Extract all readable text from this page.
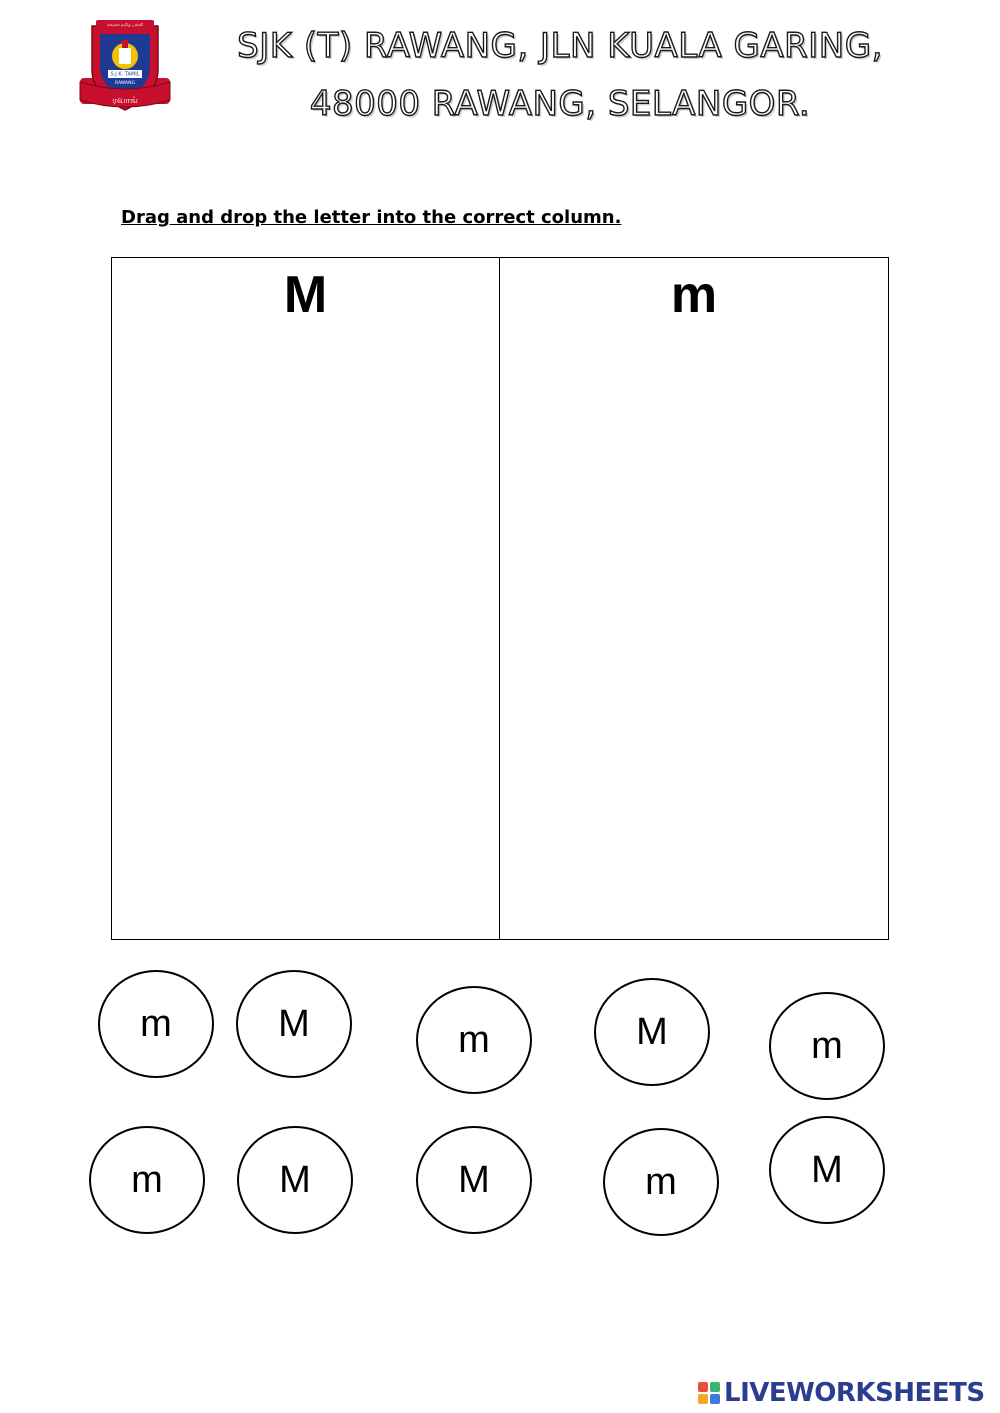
S.J.K. TAMIL
RAWANG
எங்கள் தமிழ் பள்ளி
ரவாங்
SJK (T) RAWANG, JLN KUALA GARING,
48000 RAWANG, SELANGOR.
Drag and drop the letter into the correct column.
M	m
m	M	m	M	m
m	M	M	m	M
LIVEWORKSHEETS
